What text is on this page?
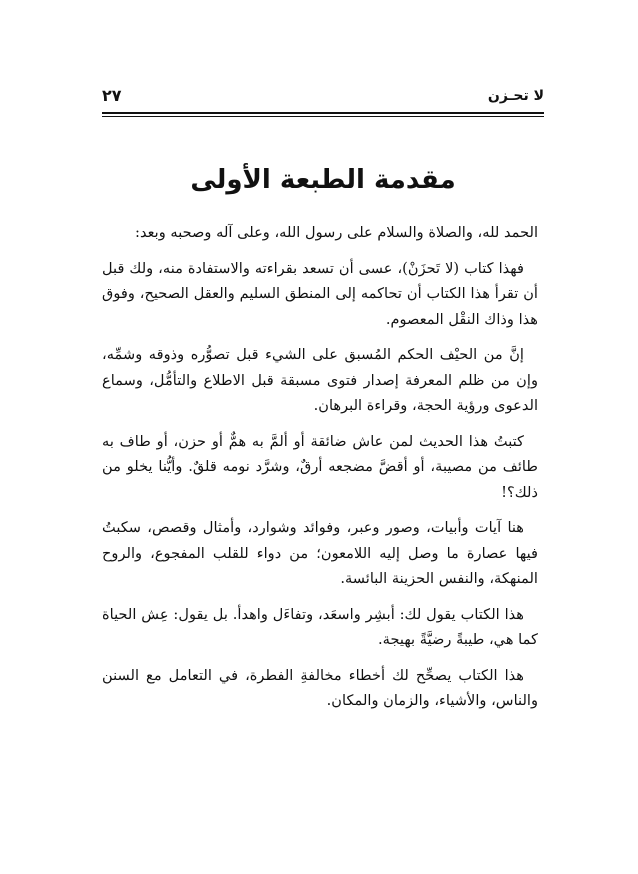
٢٧	لا تحـزن
مقدمة الطبعة الأولى

الحمد لله، والصلاة والسلام على رسول الله، وعلى آله وصحبه وبعد:

فهذا كتاب (لا تَحزَنْ)، عسى أن تسعد بقراءته والاستفادة منه، ولك قبل أن تقرأ هذا الكتاب أن تحاكمه إلى المنطق السليم والعقل الصحيح، وفوق هذا وذاك النقْل المعصوم.

إنَّ من الحيْف الحكم المُسبق على الشيء قبل تصوُّره وذوقه وشمِّه، وإن من ظلم المعرفة إصدار فتوى مسبقة قبل الاطلاع والتأمُّل، وسماع الدعوى ورؤية الحجة، وقراءة البرهان.

كتبتُ هذا الحديث لمن عاش ضائقة أو ألمَّ به همٌّ أو حزن، أو طاف به طائف من مصيبة، أو أقضَّ مضجعه أرقٌ، وشرَّد نومه قلقٌ. وأيُّنا يخلو من ذلك؟!

هنا آيات وأبيات، وصور وعبر، وفوائد وشوارد، وأمثال وقصص، سكبتُ فيها عصارة ما وصل إليه اللامعون؛ من دواء للقلب المفجوع، والروح المنهكة، والنفس الحزينة البائسة.

هذا الكتاب يقول لك: أبشِر واسعَد، وتفاءَل واهدأ. بل يقول: عِش الحياة كما هي، طيبةً رضيَّةً بهيجة.

هذا الكتاب يصحِّح لك أخطاء مخالفةِ الفطرة، في التعامل مع السنن والناس، والأشياء، والزمان والمكان.
